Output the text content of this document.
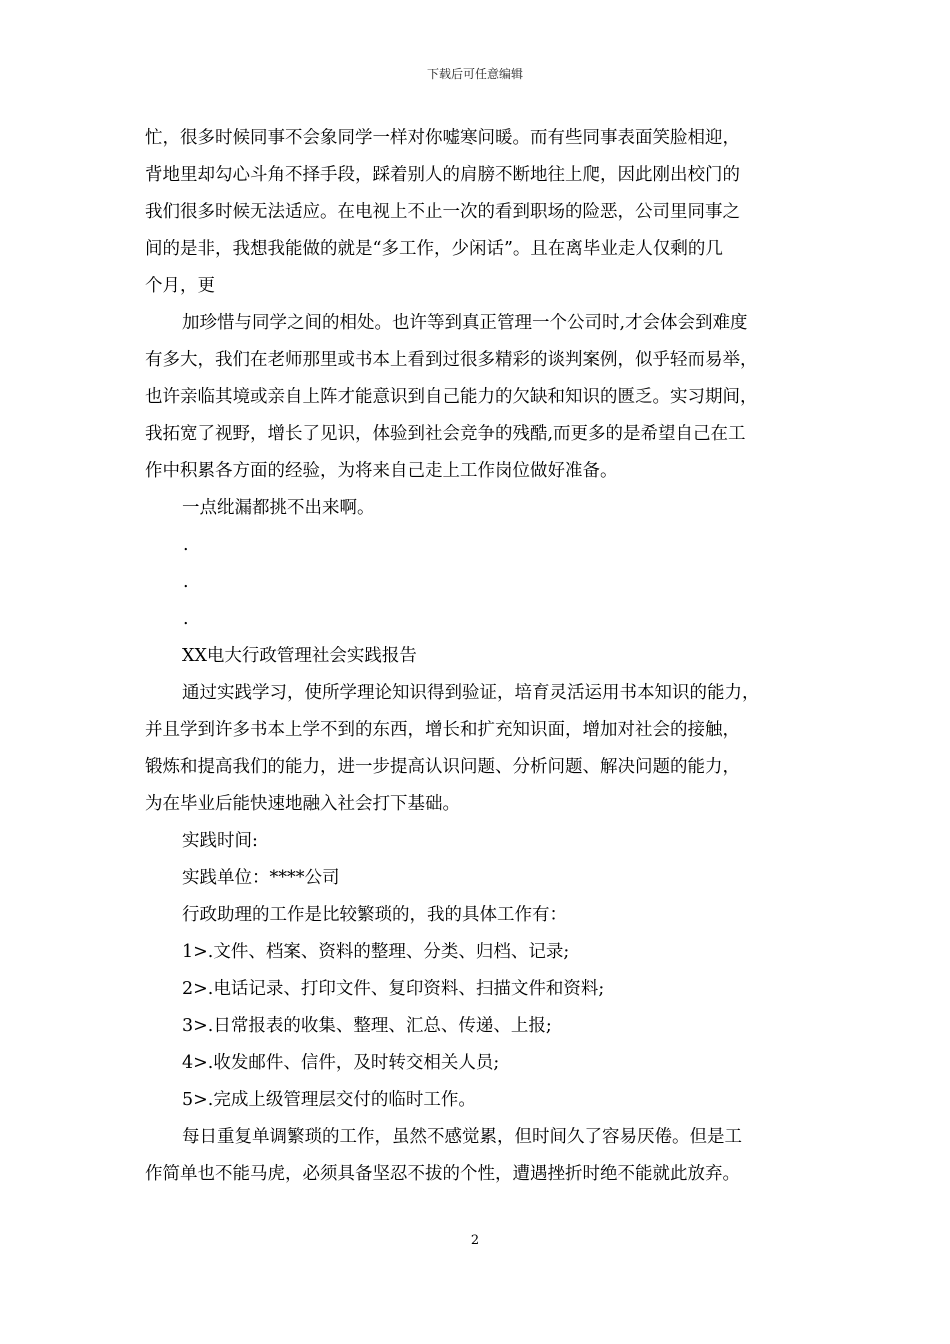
下载后可任意编辑
忙，很多时候同事不会象同学一样对你嘘寒问暖。而有些同事表面笑脸相迎，
背地里却勾心斗角不择手段，踩着别人的肩膀不断地往上爬，因此刚出校门的
我们很多时候无法适应。在电视上不止一次的看到职场的险恶，公司里同事之
间的是非，我想我能做的就是“多工作，少闲话”。且在离毕业走人仅剩的几
个月，更
加珍惜与同学之间的相处。也许等到真正管理一个公司时,才会体会到难度
有多大，我们在老师那里或书本上看到过很多精彩的谈判案例，似乎轻而易举，
也许亲临其境或亲自上阵才能意识到自己能力的欠缺和知识的匮乏。实习期间，
我拓宽了视野，增长了见识，体验到社会竞争的残酷,而更多的是希望自己在工
作中积累各方面的经验，为将来自己走上工作岗位做好准备。
一点纰漏都挑不出来啊。
.
.
.
XX电大行政管理社会实践报告
通过实践学习，使所学理论知识得到验证，培育灵活运用书本知识的能力，
并且学到许多书本上学不到的东西，增长和扩充知识面，增加对社会的接触，
锻炼和提高我们的能力，进一步提高认识问题、分析问题、解决问题的能力，
为在毕业后能快速地融入社会打下基础。
实践时间:
实践单位：****公司
行政助理的工作是比较繁琐的，我的具体工作有：
1>.文件、档案、资料的整理、分类、归档、记录;
2>.电话记录、打印文件、复印资料、扫描文件和资料;
3>.日常报表的收集、整理、汇总、传递、上报;
4>.收发邮件、信件，及时转交相关人员;
5>.完成上级管理层交付的临时工作。
每日重复单调繁琐的工作，虽然不感觉累，但时间久了容易厌倦。但是工
作简单也不能马虎，必须具备坚忍不拔的个性，遭遇挫折时绝不能就此放弃。
2
